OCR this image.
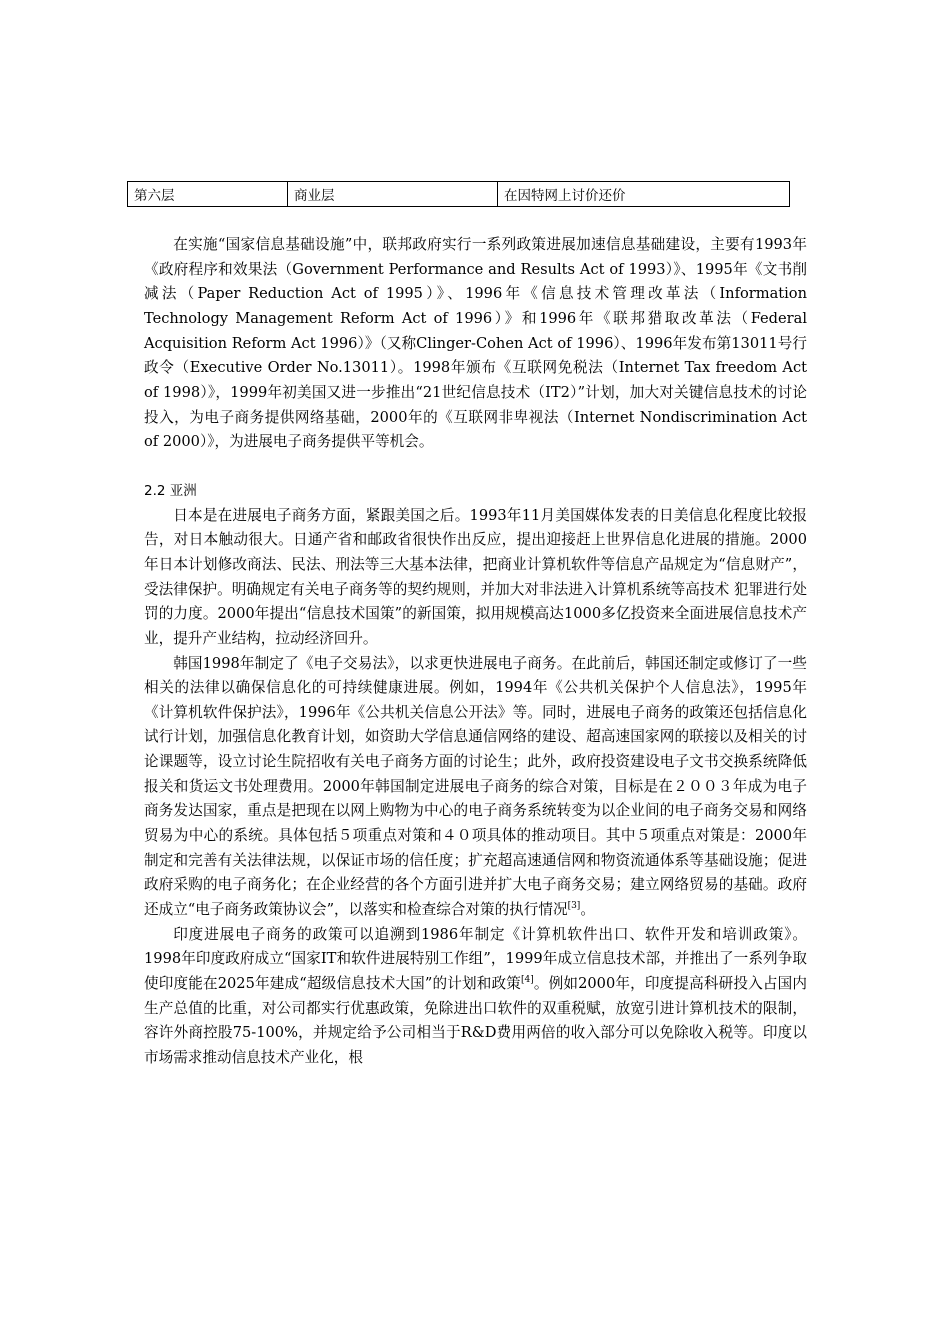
第六层	商业层	在因特网上讨价还价

在实施“国家信息基础设施”中，联邦政府实行一系列政策进展加速信息基础建设，主要有1993年《政府程序和效果法（Government Performance and Results Act of 1993）》、1995年《文书削减法（Paper Reduction Act of 1995）》、1996年《信息技术管理改革法（Information Technology Management Reform Act of 1996）》和1996年《联邦猎取改革法（Federal Acquisition Reform Act 1996）》（又称Clinger-Cohen Act of 1996）、1996年发布第13011号行政令（Executive Order No.13011）。1998年颁布《互联网免税法（Internet Tax freedom Act of 1998）》，1999年初美国又进一步推出“21世纪信息技术（IT2）”计划，加大对关键信息技术的讨论投入，为电子商务提供网络基础，2000年的《互联网非卑视法（Internet Nondiscrimination Act of 2000）》，为进展电子商务提供平等机会。

2.2 亚洲

日本是在进展电子商务方面，紧跟美国之后。1993年11月美国媒体发表的日美信息化程度比较报告，对日本触动很大。日通产省和邮政省很快作出反应，提出迎接赶上世界信息化进展的措施。2000年日本计划修改商法、民法、刑法等三大基本法律，把商业计算机软件等信息产品规定为“信息财产”，受法律保护。明确规定有关电子商务等的契约规则，并加大对非法进入计算机系统等高技术 犯罪进行处罚的力度。2000年提出“信息技术国策”的新国策，拟用规模高达1000多亿投资来全面进展信息技术产业，提升产业结构，拉动经济回升。

韩国1998年制定了《电子交易法》，以求更快进展电子商务。在此前后，韩国还制定或修订了一些相关的法律以确保信息化的可持续健康进展。例如，1994年《公共机关保护个人信息法》，1995年《计算机软件保护法》，1996年《公共机关信息公开法》等。同时，进展电子商务的政策还包括信息化试行计划，加强信息化教育计划，如资助大学信息通信网络的建设、超高速国家网的联接以及相关的讨论课题等，设立讨论生院招收有关电子商务方面的讨论生；此外，政府投资建设电子文书交换系统降低报关和货运文书处理费用。2000年韩国制定进展电子商务的综合对策，目标是在２００３年成为电子商务发达国家，重点是把现在以网上购物为中心的电子商务系统转变为以企业间的电子商务交易和网络贸易为中心的系统。具体包括５项重点对策和４０项具体的推动项目。其中５项重点对策是：2000年制定和完善有关法律法规，以保证市场的信任度；扩充超高速通信网和物资流通体系等基础设施；促进政府采购的电子商务化；在企业经营的各个方面引进并扩大电子商务交易；建立网络贸易的基础。政府还成立“电子商务政策协议会”，以落实和检查综合对策的执行情况[3]。

印度进展电子商务的政策可以追溯到1986年制定《计算机软件出口、软件开发和培训政策》。1998年印度政府成立“国家IT和软件进展特别工作组”，1999年成立信息技术部，并推出了一系列争取使印度能在2025年建成“超级信息技术大国”的计划和政策[4]。例如2000年，印度提高科研投入占国内生产总值的比重，对公司都实行优惠政策，免除进出口软件的双重税赋，放宽引进计算机技术的限制，容许外商控股75-100%，并规定给予公司相当于R&D费用两倍的收入部分可以免除收入税等。印度以市场需求推动信息技术产业化，根
